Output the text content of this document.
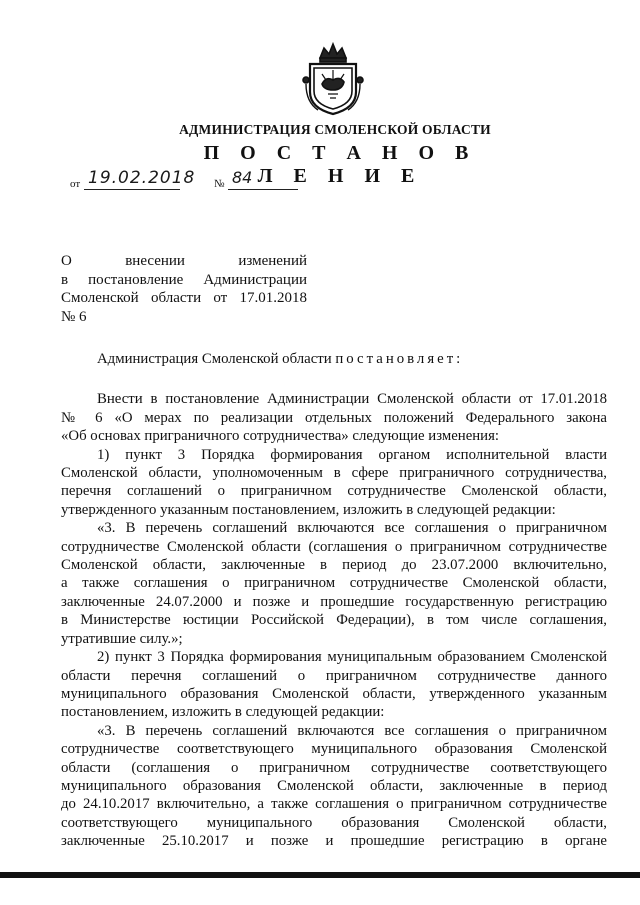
АДМИНИСТРАЦИЯ СМОЛЕНСКОЙ ОБЛАСТИ
П О С Т А Н О В Л Е Н И Е
от 19.02.2018 № 84
О внесении изменений
в постановление Администрации
Смоленской области от 17.01.2018
№ 6
Администрация Смоленской области постановляет:

Внести в постановление Администрации Смоленской области от 17.01.2018
№ 6 «О мерах по реализации отдельных положений Федерального закона
«Об основах приграничного сотрудничества» следующие изменения:

1) пункт 3 Порядка формирования органом исполнительной власти
Смоленской области, уполномоченным в сфере приграничного сотрудничества,
перечня соглашений о приграничном сотрудничестве Смоленской области,
утвержденного указанным постановлением, изложить в следующей редакции:

«3. В перечень соглашений включаются все соглашения о приграничном
сотрудничестве Смоленской области (соглашения о приграничном сотрудничестве
Смоленской области, заключенные в период до 23.07.2000 включительно,
а также соглашения о приграничном сотрудничестве Смоленской области,
заключенные 24.07.2000 и позже и прошедшие государственную регистрацию
в Министерстве юстиции Российской Федерации), в том числе соглашения,
утратившие силу.»;

2) пункт 3 Порядка формирования муниципальным образованием Смоленской
области перечня соглашений о приграничном сотрудничестве данного
муниципального образования Смоленской области, утвержденного указанным
постановлением, изложить в следующей редакции:

«3. В перечень соглашений включаются все соглашения о приграничном
сотрудничестве соответствующего муниципального образования Смоленской
области (соглашения о приграничном сотрудничестве соответствующего
муниципального образования Смоленской области, заключенные в период
до 24.10.2017 включительно, а также соглашения о приграничном сотрудничестве
соответствующего муниципального образования Смоленской области,
заключенные 25.10.2017 и позже и прошедшие регистрацию в органе
